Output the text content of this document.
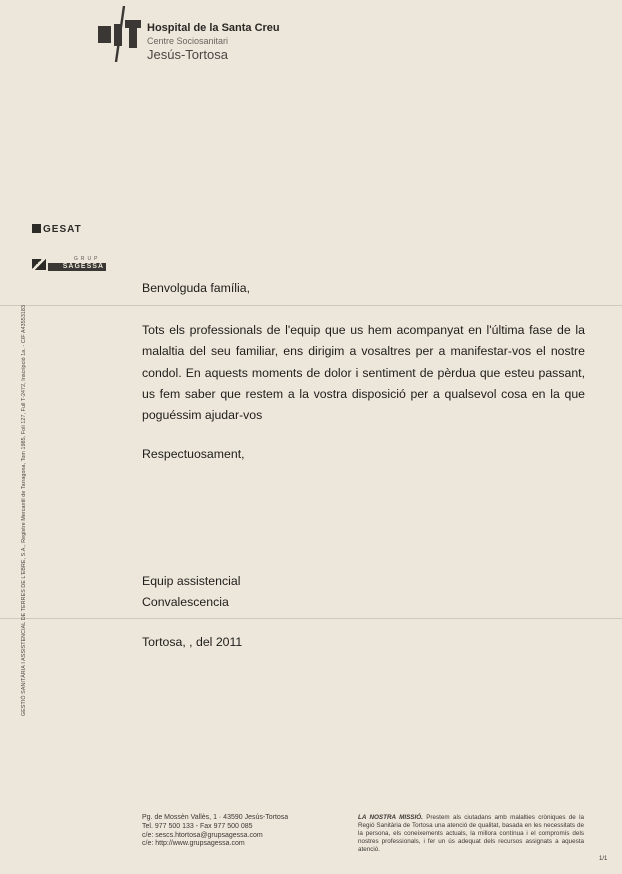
Hospital de la Santa Creu
Centre Sociosanitari
Jesús-Tortosa
GESAT
GRUP
SAGESSA
GESTIÓ SANITÀRIA I ASSISTENCIAL DE TERRES DE L'EBRE, S.A., Registre Mercantil de Tarragona, Tom 1985, Foli 127, Full T-2472, Inscripció 1a. - CIF A43553183
Benvolguda família,
Tots els professionals de l'equip que us hem acompanyat en l'última fase de la malaltia del seu familiar, ens dirigim a vosaltres per a manifestar-vos el nostre condol. En aquests moments de dolor i sentiment de pèrdua que esteu passant, us fem saber que restem a la vostra disposició per a qualsevol cosa en la que poguéssim ajudar-vos
Respectuosament,
Equip assistencial
Convalescencia
Tortosa, , del 2011
Pg. de Mossèn Vallès, 1 · 43590 Jesús-Tortosa
Tel. 977 500 133 - Fax 977 500 085
c/e: sescs.htortosa@grupsagessa.com
c/e: http://www.grupsagessa.com
LA NOSTRA MISSIÓ. Prestem als ciutadans amb malalties cròniques de la Regió Sanitària de Tortosa una atenció de qualitat, basada en les necessitats de la persona, els coneixements actuals, la millora contínua i el compromís dels nostres professionals, i fer un ús adequat dels recursos assignats a aquesta atenció.
1/1
